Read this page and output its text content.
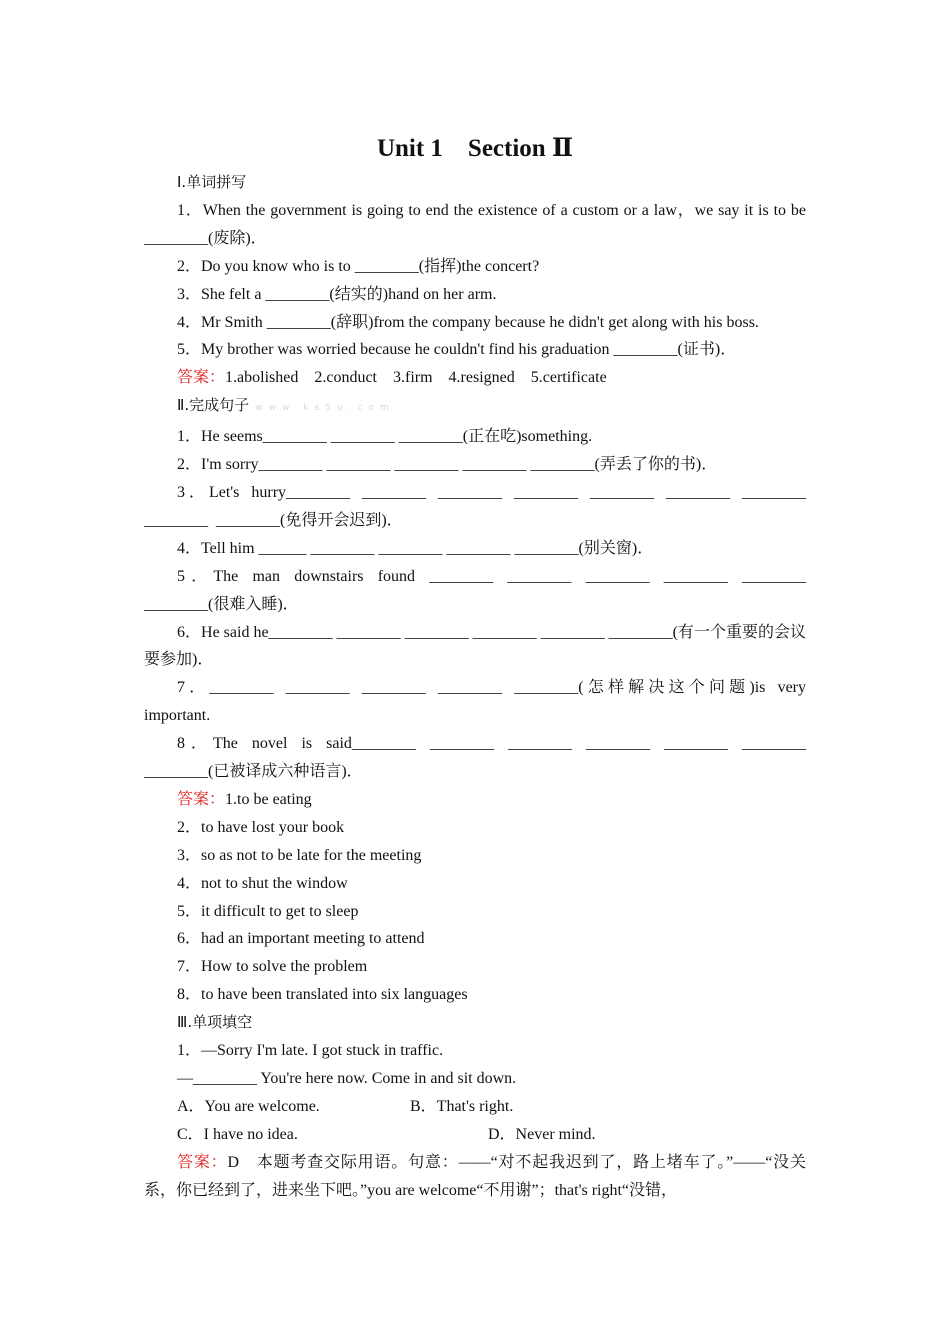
Unit 1　Section Ⅱ

Ⅰ.单词拼写

1．When the government is going to end the existence of a custom or a law，we say it is to be ________(废除)．

2．Do you know who is to ________(指挥)the concert?

3．She felt a ________(结实的)hand on her arm.

4．Mr Smith ________(辞职)from the company because he didn't get along with his boss.

5．My brother was worried because he couldn't find his graduation ________(证书)．

答案：1.abolished　2.conduct　3.firm　4.resigned　5.certificate

Ⅱ.完成句子 www.ks5u.com

1．He seems________ ________ ________(正在吃)something.

2．I'm sorry________ ________ ________ ________ ________(弄丢了你的书)．

3．Let's hurry________ ________ ________ ________ ________ ________ ________ ________ ________(免得开会迟到)．

4．Tell him ______ ________ ________ ________ ________(别关窗)．

5．The man downstairs found ________ ________ ________ ________ ________ ________(很难入睡)．

6．He said he________ ________ ________ ________ ________ ________(有一个重要的会议要参加)．

7．________ ________ ________ ________ ________(怎样解决这个问题)is very important.

8．The novel is said________ ________ ________ ________ ________ ________ ________(已被译成六种语言)．

答案：1.to be eating

2．to have lost your book

3．so as not to be late for the meeting

4．not to shut the window

5．it difficult to get to sleep

6．had an important meeting to attend

7．How to solve the problem

8．to have been translated into six languages

Ⅲ.单项填空

1．—Sorry I'm late. I got stuck in traffic.

—________ You're here now. Come in and sit down.

A．You are welcome.	B．That's right.
C．I have no idea.	D．Never mind.

答案：D　本题考查交际用语。句意：——“对不起我迟到了，路上堵车了。”——“没关系，你已经到了，进来坐下吧。”you are welcome“不用谢”；that's right“没错，
